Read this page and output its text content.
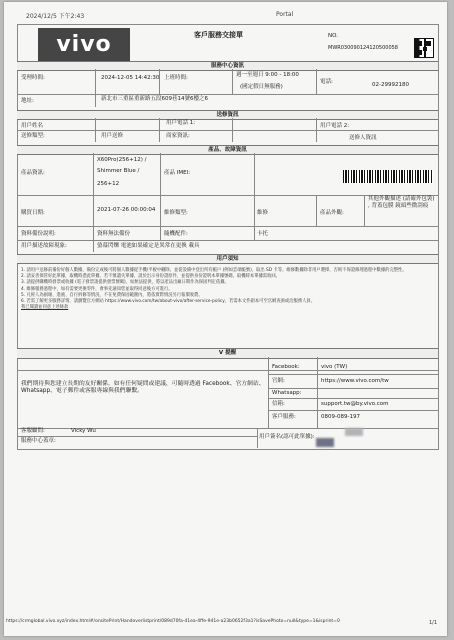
2024/12/5 下午2:43	Portal
vivo	客戶服務交接單	NO.
MWR030090124120500058
服務中心資訊
受理時間:	2024-12-05 14:42:30 上班時間:	週一至週日 9:00 - 18:00
(國定假日無服務)
電話:	02-29992180
地址:	新北市三重區重新路五段609巷14號6樓之6
送修資訊
用戶姓名	用戶電話 1:	用戶電話 2:
送修類型:	用戶送修	商家資訊:	送修人資訊
產品、故障資訊
產品資訊:
X60Pro(256+12) /
Shimmer Blue /
256+12
產品 IMEI:
購買日期:	2021-07-26 00:00:04 維修類型:	維修	產品外觀:
其他外觀描述 (請確外包裝) , 背蓋包膜 鏡頭些微刮痕
資料備份說明:	資料無法備份	隨機配件:	卡托
用戶描述故障現象:	螢幕閃爍 電池如果確定是異常在更換 載具
用戶須知

1. 請用戶送修前備份好個人數據，備份完成後可將個人數據從手機/平板中刪除，並從設備中登出所有帳戶 (例如雲端帳號)，取出 SD 卡等。維修數據除非用戶選擇，否則不保證修理過程中數據的完整性。

2. 請妥善保管好此單據，取機時憑此單據，若不慎遺失單據，請於出示身份證原件，並提供身份證明本單據號碼，取機時本單據需收回。

3. 請提供購機時發票或收據 (電子發票請提供發票號碼)，如無法提供，將以產品出廠日期作為保固判定依據。

4. 維修服務過程中，如有需要更換零件，會事先通知您並取得同意後方可進行。

5. 凡經人為損壞、進液、自行拆修等情況，不在免費保固範圍內，將依實際情況另行報價收費。

6. 若需了解更多服務詳情，請瀏覽官方網站 https://www.vivo.com/tw/about-vivo/after-service-policy，若需本文件副本可至官網查詢或洽服務人員。

我已閱讀並同意上述條款

V 提醒
我們期待與您建立長期的友好關係，如有任何疑問或建議，可隨時透過 Facebook、官方網站、Whatsapp、電子郵件或客服專線與我們聯繫。
Facebook:	vivo (TW)
官網:	https://www.vivo.com/tw
Whatsapp:
信箱:	support.tw@by.vivo.com
客戶服務:	0809-089-197
客服顧問:	Vicky Wu
服務中心蓋章:
用戶簽名(認可此單據):
https://crmglobal.vivo.xyz/index.html#/onsitePrint/Handoverlistprint/089d70fa-41ea-4ffe-941e-a23b0652f3a1?isSavePhoto=null&type=1&isprint=0	1/1
